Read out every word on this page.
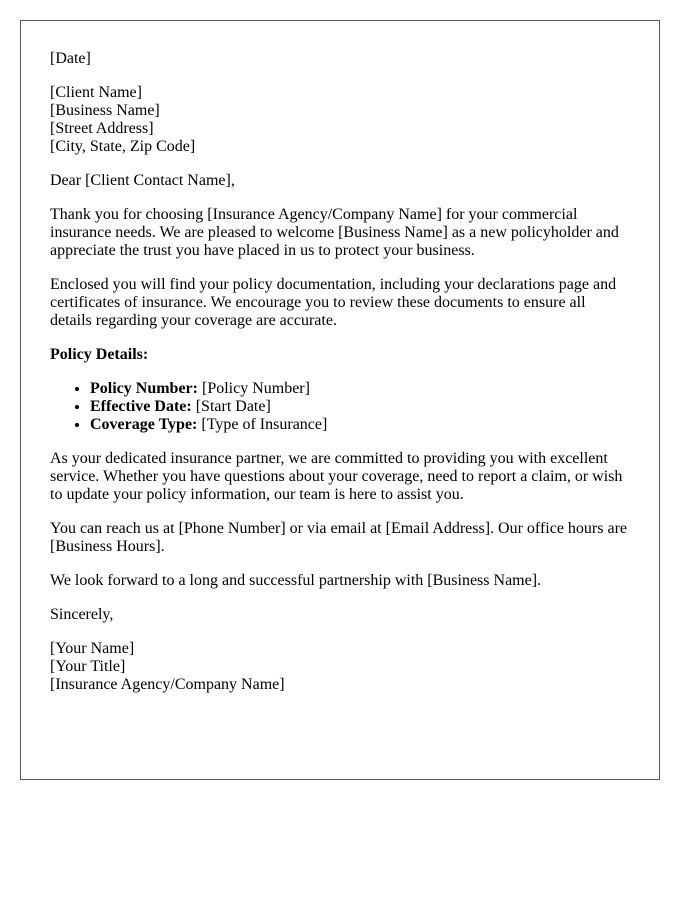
[Date]
[Client Name]
[Business Name]
[Street Address]
[City, State, Zip Code]

Dear [Client Contact Name],

Thank you for choosing [Insurance Agency/Company Name] for your commercial insurance needs. We are pleased to welcome [Business Name] as a new policyholder and appreciate the trust you have placed in us to protect your business.

Enclosed you will find your policy documentation, including your declarations page and certificates of insurance. We encourage you to review these documents to ensure all details regarding your coverage are accurate.

Policy Details:
• Policy Number: [Policy Number]
• Effective Date: [Start Date]
• Coverage Type: [Type of Insurance]

As your dedicated insurance partner, we are committed to providing you with excellent service. Whether you have questions about your coverage, need to report a claim, or wish to update your policy information, our team is here to assist you.

You can reach us at [Phone Number] or via email at [Email Address]. Our office hours are [Business Hours].

We look forward to a long and successful partnership with [Business Name].

Sincerely,
[Your Name]
[Your Title]
[Insurance Agency/Company Name]
